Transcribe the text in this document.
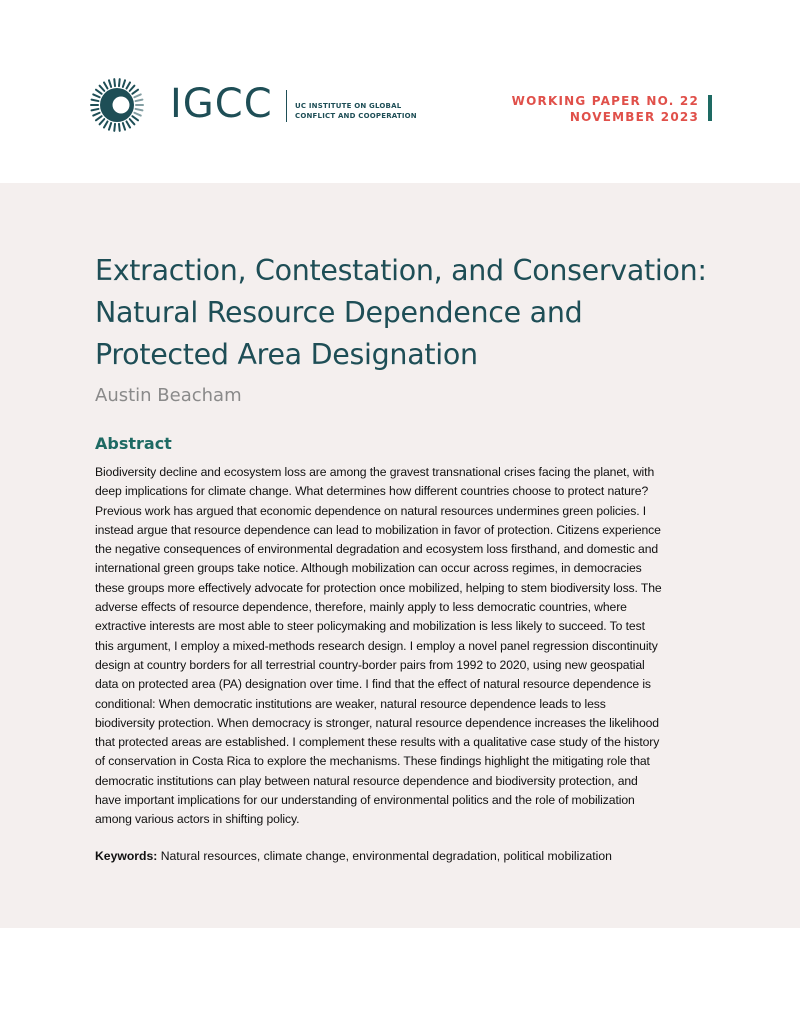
IGCC	UC INSTITUTE ON GLOBAL
CONFLICT AND COOPERATION
WORKING PAPER NO. 22
NOVEMBER 2023
Extraction, Contestation, and Conservation:
Natural Resource Dependence and
Protected Area Designation
Austin Beacham
Abstract

Biodiversity decline and ecosystem loss are among the gravest transnational crises facing the planet, with
deep implications for climate change. What determines how different countries choose to protect nature?
Previous work has argued that economic dependence on natural resources undermines green policies. I
instead argue that resource dependence can lead to mobilization in favor of protection. Citizens experience
the negative consequences of environmental degradation and ecosystem loss firsthand, and domestic and
international green groups take notice. Although mobilization can occur across regimes, in democracies
these groups more effectively advocate for protection once mobilized, helping to stem biodiversity loss. The
adverse effects of resource dependence, therefore, mainly apply to less democratic countries, where
extractive interests are most able to steer policymaking and mobilization is less likely to succeed. To test
this argument, I employ a mixed-methods research design. I employ a novel panel regression discontinuity
design at country borders for all terrestrial country-border pairs from 1992 to 2020, using new geospatial
data on protected area (PA) designation over time. I find that the effect of natural resource dependence is
conditional: When democratic institutions are weaker, natural resource dependence leads to less
biodiversity protection. When democracy is stronger, natural resource dependence increases the likelihood
that protected areas are established. I complement these results with a qualitative case study of the history
of conservation in Costa Rica to explore the mechanisms. These findings highlight the mitigating role that
democratic institutions can play between natural resource dependence and biodiversity protection, and
have important implications for our understanding of environmental politics and the role of mobilization
among various actors in shifting policy.

Keywords: Natural resources, climate change, environmental degradation, political mobilization
